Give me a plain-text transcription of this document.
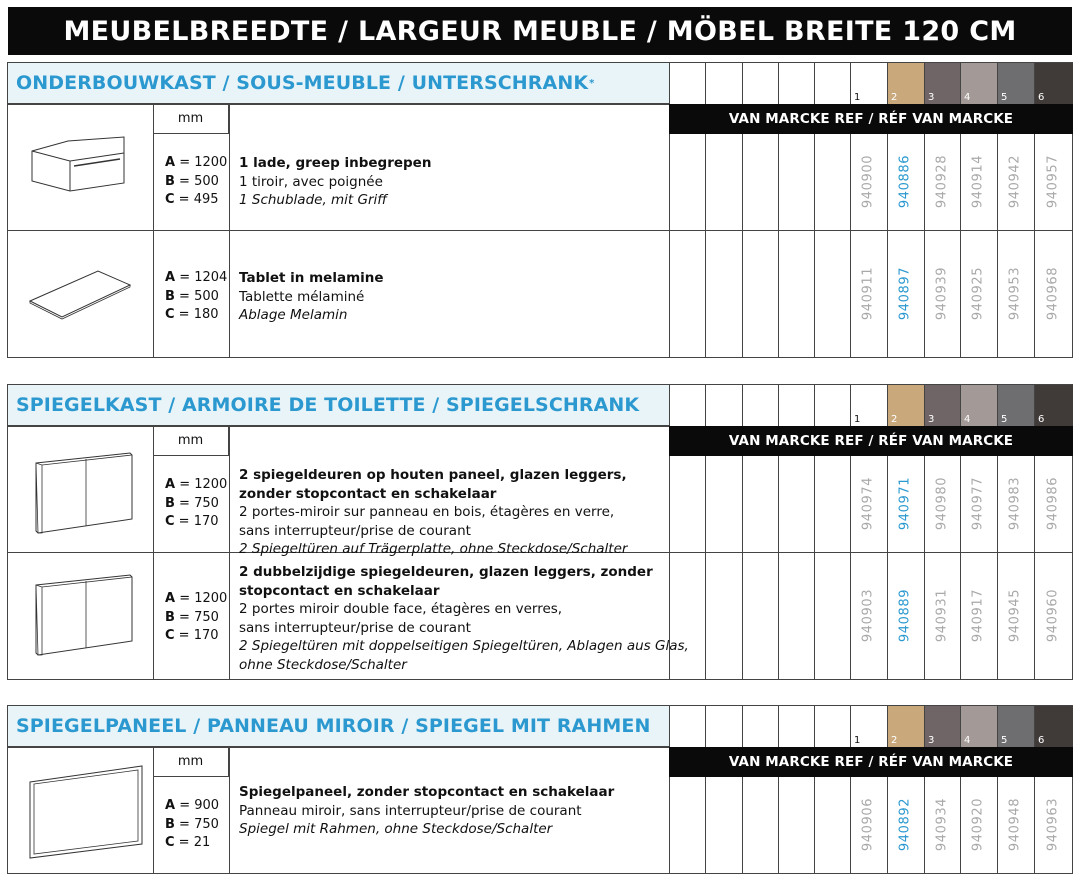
MEUBELBREEDTE / LARGEUR MEUBLE / MÖBEL BREITE 120 CM
1	2	3	4	5	6
ONDERBOUWKAST / SOUS-MEUBLE / UNTERSCHRANK *
VAN MARCKE REF / RÉF VAN MARCKE
mm
A = 1200
B = 500
C = 495
1 lade, greep inbegrepen
1 tiroir, avec poignée
1 Schublade, mit Griff	940900 940886 940928 940914 940942 940957
A = 1204
B = 500
C = 180
Tablet in melamine
Tablette mélaminé
Ablage Melamin	940911 940897 940939 940925 940953 940968
1	2	3	4	5	6
SPIEGELKAST / ARMOIRE DE TOILETTE / SPIEGELSCHRANK
VAN MARCKE REF / RÉF VAN MARCKE
mm
A = 1200
B = 750
C = 170
2 spiegeldeuren op houten paneel, glazen leggers,
zonder stopcontact en schakelaar
2 portes-miroir sur panneau en bois, étagères en verre,
sans interrupteur/prise de courant
2 Spiegeltüren auf Trägerplatte, ohne Steckdose/Schalter
940974 940971 940980 940977 940983 940986
A = 1200
B = 750
C = 170
2 dubbelzijdige spiegeldeuren, glazen leggers, zonder
stopcontact en schakelaar
2 portes miroir double face, étagères en verres,
sans interrupteur/prise de courant
2 Spiegeltüren mit doppelseitigen Spiegeltüren, Ablagen aus Glas,
ohne Steckdose/Schalter
940903 940889 940931 940917 940945 940960
1	2	3	4	5	6
SPIEGELPANEEL / PANNEAU MIROIR / SPIEGEL MIT RAHMEN
VAN MARCKE REF / RÉF VAN MARCKE
mm
A = 900
B = 750
C = 21
Spiegelpaneel, zonder stopcontact en schakelaar
Panneau miroir, sans interrupteur/prise de courant
Spiegel mit Rahmen, ohne Steckdose/Schalter	940906 940892 940934 940920 940948 940963
